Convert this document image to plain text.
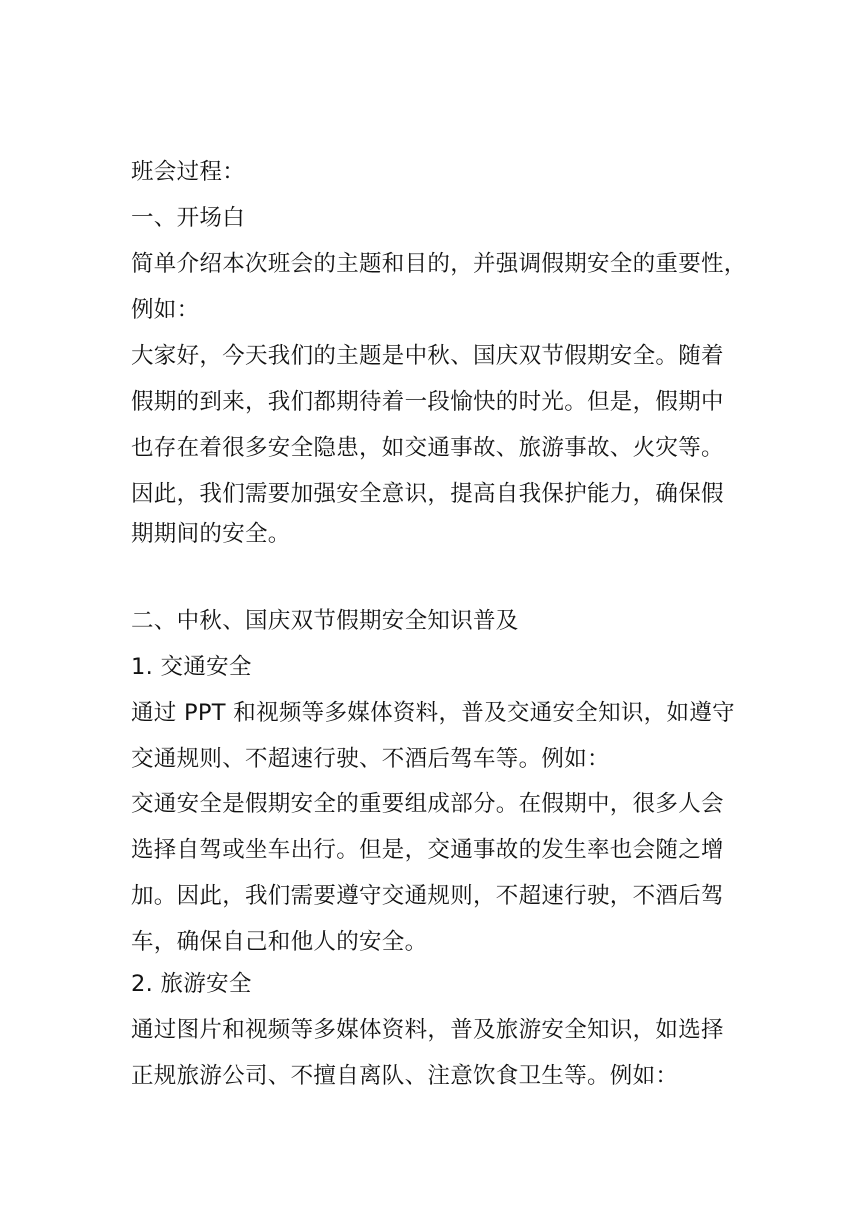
班会过程：
一、开场白
简单介绍本次班会的主题和目的，并强调假期安全的重要性，
例如：
大家好，今天我们的主题是中秋、国庆双节假期安全。随着
假期的到来，我们都期待着一段愉快的时光。但是，假期中
也存在着很多安全隐患，如交通事故、旅游事故、火灾等。
因此，我们需要加强安全意识，提高自我保护能力，确保假
期期间的安全。
二、中秋、国庆双节假期安全知识普及
1. 交通安全
通过 PPT 和视频等多媒体资料，普及交通安全知识，如遵守
交通规则、不超速行驶、不酒后驾车等。例如：
交通安全是假期安全的重要组成部分。在假期中，很多人会
选择自驾或坐车出行。但是，交通事故的发生率也会随之增
加。因此，我们需要遵守交通规则，不超速行驶，不酒后驾
车，确保自己和他人的安全。
2. 旅游安全
通过图片和视频等多媒体资料，普及旅游安全知识，如选择
正规旅游公司、不擅自离队、注意饮食卫生等。例如：
